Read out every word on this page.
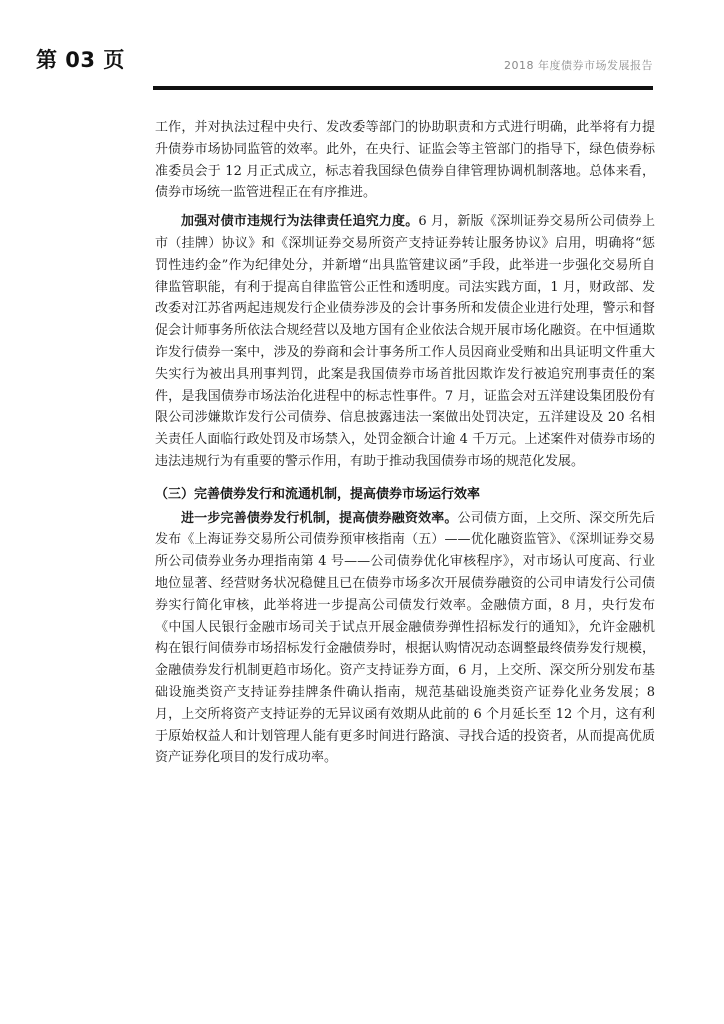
第 03 页	2018 年度债券市场发展报告

工作，并对执法过程中央行、发改委等部门的协助职责和方式进行明确，此举将有力提升债券市场协同监管的效率。此外，在央行、证监会等主管部门的指导下，绿色债券标准委员会于 12 月正式成立，标志着我国绿色债券自律管理协调机制落地。总体来看，债券市场统一监管进程正在有序推进。

加强对债市违规行为法律责任追究力度。6 月，新版《深圳证券交易所公司债券上市（挂牌）协议》和《深圳证券交易所资产支持证券转让服务协议》启用，明确将“惩罚性违约金”作为纪律处分，并新增“出具监管建议函”手段，此举进一步强化交易所自律监管职能，有利于提高自律监管公正性和透明度。司法实践方面，1 月，财政部、发改委对江苏省两起违规发行企业债券涉及的会计事务所和发债企业进行处理，警示和督促会计师事务所依法合规经营以及地方国有企业依法合规开展市场化融资。在中恒通欺诈发行债券一案中，涉及的券商和会计事务所工作人员因商业受贿和出具证明文件重大失实行为被出具刑事判罚，此案是我国债券市场首批因欺诈发行被追究刑事责任的案件，是我国债券市场法治化进程中的标志性事件。7 月，证监会对五洋建设集团股份有限公司涉嫌欺诈发行公司债券、信息披露违法一案做出处罚决定，五洋建设及 20 名相关责任人面临行政处罚及市场禁入，处罚金额合计逾 4 千万元。上述案件对债券市场的违法违规行为有重要的警示作用，有助于推动我国债券市场的规范化发展。

（三）完善债券发行和流通机制，提高债券市场运行效率

进一步完善债券发行机制，提高债券融资效率。公司债方面，上交所、深交所先后发布《上海证券交易所公司债券预审核指南（五）——优化融资监管》、《深圳证券交易所公司债券业务办理指南第 4 号——公司债券优化审核程序》，对市场认可度高、行业地位显著、经营财务状况稳健且已在债券市场多次开展债券融资的公司申请发行公司债券实行简化审核，此举将进一步提高公司债发行效率。金融债方面，8 月，央行发布《中国人民银行金融市场司关于试点开展金融债券弹性招标发行的通知》，允许金融机构在银行间债券市场招标发行金融债券时，根据认购情况动态调整最终债券发行规模，金融债券发行机制更趋市场化。资产支持证券方面，6 月，上交所、深交所分别发布基础设施类资产支持证券挂牌条件确认指南，规范基础设施类资产证券化业务发展；8 月，上交所将资产支持证券的无异议函有效期从此前的 6 个月延长至 12 个月，这有利于原始权益人和计划管理人能有更多时间进行路演、寻找合适的投资者，从而提高优质资产证券化项目的发行成功率。
